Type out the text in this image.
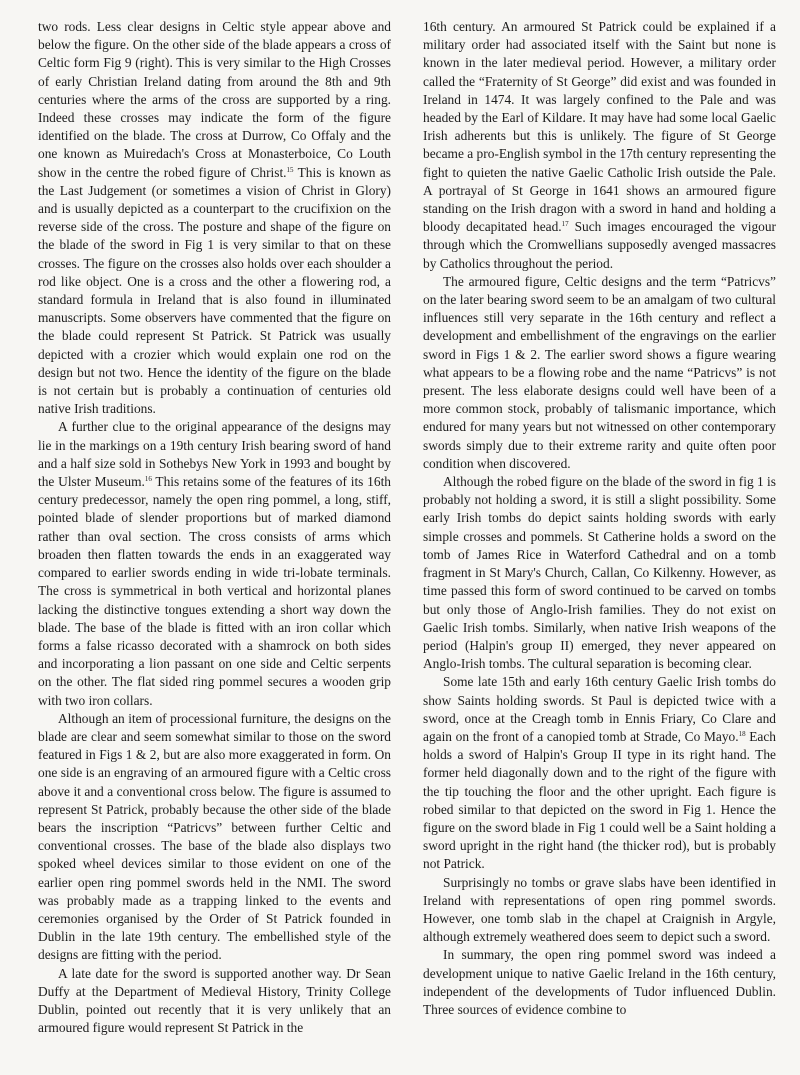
two rods. Less clear designs in Celtic style appear above and below the figure. On the other side of the blade appears a cross of Celtic form Fig 9 (right). This is very similar to the High Crosses of early Christian Ireland dating from around the 8th and 9th centuries where the arms of the cross are supported by a ring. Indeed these crosses may indicate the form of the figure identified on the blade. The cross at Durrow, Co Offaly and the one known as Muiredach's Cross at Monasterboice, Co Louth show in the centre the robed figure of Christ.$^{15}$ This is known as the Last Judgement (or sometimes a vision of Christ in Glory) and is usually depicted as a counterpart to the crucifixion on the reverse side of the cross. The posture and shape of the figure on the blade of the sword in Fig 1 is very similar to that on these crosses. The figure on the crosses also holds over each shoulder a rod like object. One is a cross and the other a flowering rod, a standard formula in Ireland that is also found in illuminated manuscripts. Some observers have commented that the figure on the blade could represent St Patrick. St Patrick was usually depicted with a crozier which would explain one rod on the design but not two. Hence the identity of the figure on the blade is not certain but is probably a continuation of centuries old native Irish traditions.

A further clue to the original appearance of the designs may lie in the markings on a 19th century Irish bearing sword of hand and a half size sold in Sothebys New York in 1993 and bought by the Ulster Museum.$^{16}$ This retains some of the features of its 16th century predecessor, namely the open ring pommel, a long, stiff, pointed blade of slender proportions but of marked diamond rather than oval section. The cross consists of arms which broaden then flatten towards the ends in an exaggerated way compared to earlier swords ending in wide tri-lobate terminals. The cross is symmetrical in both vertical and horizontal planes lacking the distinctive tongues extending a short way down the blade. The base of the blade is fitted with an iron collar which forms a false ricasso decorated with a shamrock on both sides and incorporating a lion passant on one side and Celtic serpents on the other. The flat sided ring pommel secures a wooden grip with two iron collars.

Although an item of processional furniture, the designs on the blade are clear and seem somewhat similar to those on the sword featured in Figs 1 & 2, but are also more exaggerated in form. On one side is an engraving of an armoured figure with a Celtic cross above it and a conventional cross below. The figure is assumed to represent St Patrick, probably because the other side of the blade bears the inscription “Patricvs” between further Celtic and conventional crosses. The base of the blade also displays two spoked wheel devices similar to those evident on one of the earlier open ring pommel swords held in the NMI. The sword was probably made as a trapping linked to the events and ceremonies organised by the Order of St Patrick founded in Dublin in the late 19th century. The embellished style of the designs are fitting with the period.

A late date for the sword is supported another way. Dr Sean Duffy at the Department of Medieval History, Trinity College Dublin, pointed out recently that it is very unlikely that an armoured figure would represent St Patrick in the

16th century. An armoured St Patrick could be explained if a military order had associated itself with the Saint but none is known in the later medieval period. However, a military order called the “Fraternity of St George” did exist and was founded in Ireland in 1474. It was largely confined to the Pale and was headed by the Earl of Kildare. It may have had some local Gaelic Irish adherents but this is unlikely. The figure of St George became a pro-English symbol in the 17th century representing the fight to quieten the native Gaelic Catholic Irish outside the Pale. A portrayal of St George in 1641 shows an armoured figure standing on the Irish dragon with a sword in hand and holding a bloody decapitated head.$^{17}$ Such images encouraged the vigour through which the Cromwellians supposedly avenged massacres by Catholics throughout the period.

The armoured figure, Celtic designs and the term “Patricvs” on the later bearing sword seem to be an amalgam of two cultural influences still very separate in the 16th century and reflect a development and embellishment of the engravings on the earlier sword in Figs 1 & 2. The earlier sword shows a figure wearing what appears to be a flowing robe and the name “Patricvs” is not present. The less elaborate designs could well have been of a more common stock, probably of talismanic importance, which endured for many years but not witnessed on other contemporary swords simply due to their extreme rarity and quite often poor condition when discovered.

Although the robed figure on the blade of the sword in fig 1 is probably not holding a sword, it is still a slight possibility. Some early Irish tombs do depict saints holding swords with early simple crosses and pommels. St Catherine holds a sword on the tomb of James Rice in Waterford Cathedral and on a tomb fragment in St Mary's Church, Callan, Co Kilkenny. However, as time passed this form of sword continued to be carved on tombs but only those of Anglo-Irish families. They do not exist on Gaelic Irish tombs. Similarly, when native Irish weapons of the period (Halpin's group II) emerged, they never appeared on Anglo-Irish tombs. The cultural separation is becoming clear.

Some late 15th and early 16th century Gaelic Irish tombs do show Saints holding swords. St Paul is depicted twice with a sword, once at the Creagh tomb in Ennis Friary, Co Clare and again on the front of a canopied tomb at Strade, Co Mayo.$^{18}$ Each holds a sword of Halpin's Group II type in its right hand. The former held diagonally down and to the right of the figure with the tip touching the floor and the other upright. Each figure is robed similar to that depicted on the sword in Fig 1. Hence the figure on the sword blade in Fig 1 could well be a Saint holding a sword upright in the right hand (the thicker rod), but is probably not Patrick.

Surprisingly no tombs or grave slabs have been identified in Ireland with representations of open ring pommel swords. However, one tomb slab in the chapel at Craignish in Argyle, although extremely weathered does seem to depict such a sword.

In summary, the open ring pommel sword was indeed a development unique to native Gaelic Ireland in the 16th century, independent of the developments of Tudor influenced Dublin. Three sources of evidence combine to
